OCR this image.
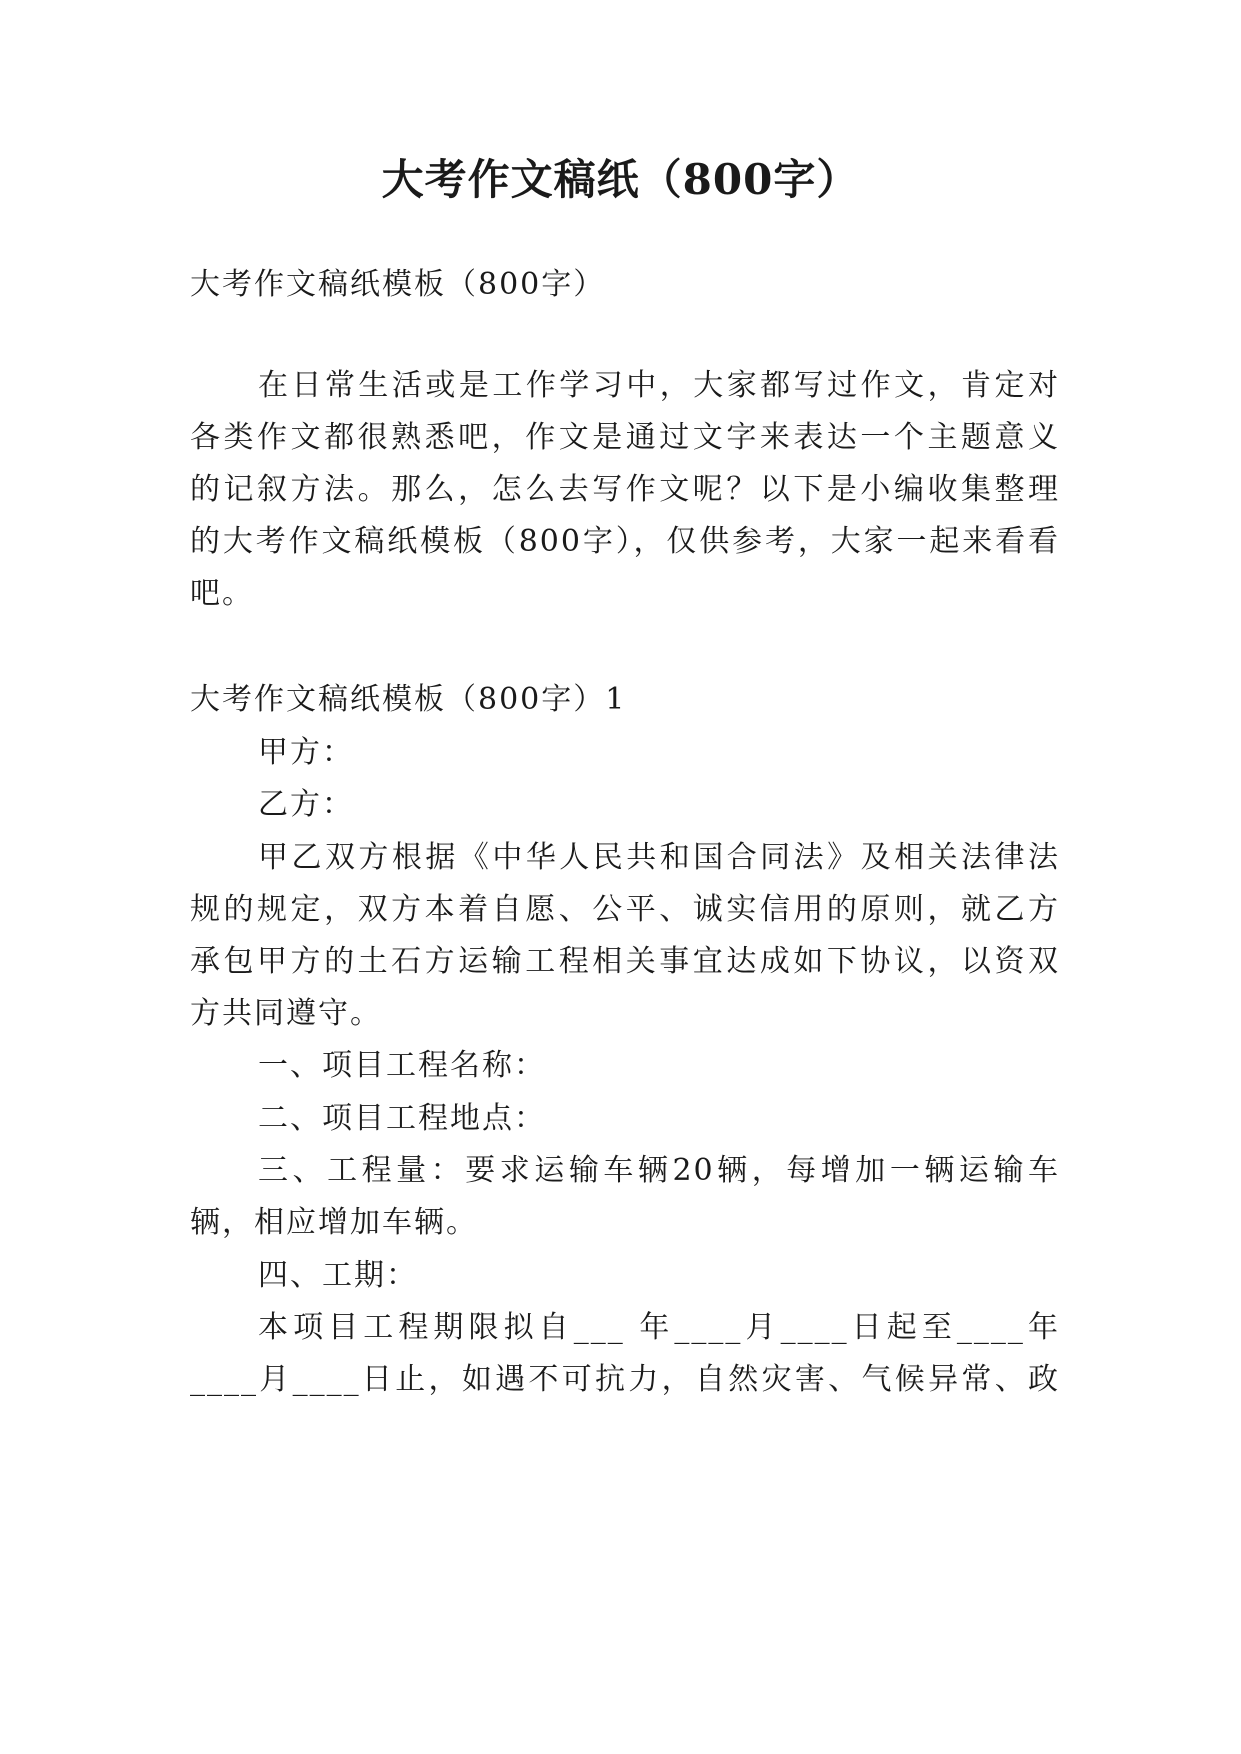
大考作文稿纸（800字）
大考作文稿纸模板（800字）
在日常生活或是工作学习中，大家都写过作文，肯定对
各类作文都很熟悉吧，作文是通过文字来表达一个主题意义
的记叙方法。那么，怎么去写作文呢？以下是小编收集整理
的大考作文稿纸模板（800字），仅供参考，大家一起来看看
吧。
大考作文稿纸模板（800字）1
甲方：
乙方：
甲乙双方根据《中华人民共和国合同法》及相关法律法
规的规定，双方本着自愿、公平、诚实信用的原则，就乙方
承包甲方的土石方运输工程相关事宜达成如下协议，以资双
方共同遵守。
一、项目工程名称：
二、项目工程地点：
三、工程量：要求运输车辆20辆，每增加一辆运输车
辆，相应增加车辆。
四、工期：
本项目工程期限拟自___ 年____月____日起至____年
____月____日止，如遇不可抗力，自然灾害、气候异常、政
